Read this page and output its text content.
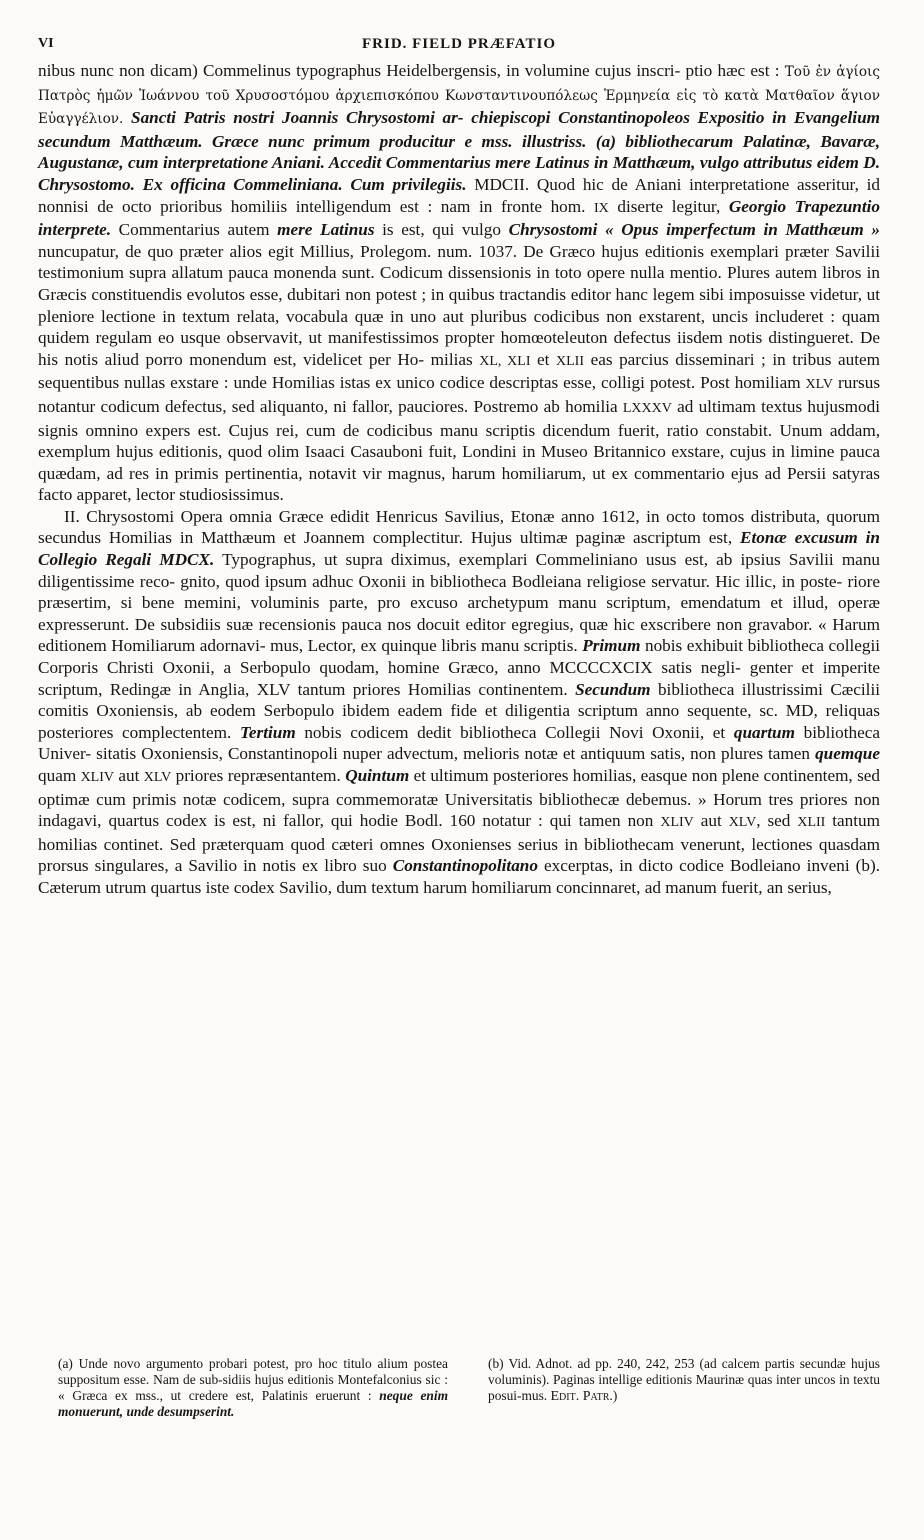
VI	FRID. FIELD PRÆFATIO

nibus nunc non dicam) Commelinus typographus Heidelbergensis, in volumine cujus inscri- ptio hæc est : Τοῦ ἐν ἁγίοις Πατρὸς ἡμῶν Ἰωάννου τοῦ Χρυσοστόμου ἀρχιεπισκόπου Κωνσταντινουπόλεως Ἑρμηνεία εἰς τὸ κατὰ Ματθαῖον ἅγιον Εὐαγγέλιον. Sancti Patris nostri Joannis Chrysostomi ar- chiepiscopi Constantinopoleos Expositio in Evangelium secundum Matthæum. Græce nunc primum producitur e mss. illustriss. (a) bibliothecarum Palatinæ, Bavaræ, Augustanæ, cum interpretatione Aniani. Accedit Commentarius mere Latinus in Matthæum, vulgo attributus eidem D. Chrysostomo. Ex officina Commeliniana. Cum privilegiis. MDCII. Quod hic de Aniani interpretatione asseritur, id nonnisi de octo prioribus homiliis intelligendum est : nam in fronte hom. IX diserte legitur, Georgio Trapezuntio interprete. Commentarius autem mere Latinus is est, qui vulgo Chrysostomi « Opus imperfectum in Matthæum » nuncupatur, de quo præter alios egit Millius, Prolegom. num. 1037. De Græco hujus editionis exemplari præter Savilii testimonium supra allatum pauca monenda sunt. Codicum dissensionis in toto opere nulla mentio. Plures autem libros in Græcis constituendis evolutos esse, dubitari non potest ; in quibus tractandis editor hanc legem sibi imposuisse videtur, ut pleniore lectione in textum relata, vocabula quæ in uno aut pluribus codicibus non exstarent, uncis includeret : quam quidem regulam eo usque observavit, ut manifestissimos propter homœoteleuton defectus iisdem notis distingueret. De his notis aliud porro monendum est, videlicet per Ho- milias XL, XLI et XLII eas parcius disseminari ; in tribus autem sequentibus nullas exstare : unde Homilias istas ex unico codice descriptas esse, colligi potest. Post homiliam XLV rursus notantur codicum defectus, sed aliquanto, ni fallor, pauciores. Postremo ab homilia LXXXV ad ultimam textus hujusmodi signis omnino expers est. Cujus rei, cum de codicibus manu scriptis dicendum fuerit, ratio constabit. Unum addam, exemplum hujus editionis, quod olim Isaaci Casauboni fuit, Londini in Museo Britannico exstare, cujus in limine pauca quædam, ad res in primis pertinentia, notavit vir magnus, harum homiliarum, ut ex commentario ejus ad Persii satyras facto apparet, lector studiosissimus.

II. Chrysostomi Opera omnia Græce edidit Henricus Savilius, Etonæ anno 1612, in octo tomos distributa, quorum secundus Homilias in Matthæum et Joannem complectitur. Hujus ultimæ paginæ ascriptum est, Etonæ excusum in Collegio Regali MDCX. Typographus, ut supra diximus, exemplari Commeliniano usus est, ab ipsius Savilii manu diligentissime reco- gnito, quod ipsum adhuc Oxonii in bibliotheca Bodleiana religiose servatur. Hic illic, in poste- riore præsertim, si bene memini, voluminis parte, pro excuso archetypum manu scriptum, emendatum et illud, operæ expresserunt. De subsidiis suæ recensionis pauca nos docuit editor egregius, quæ hic exscribere non gravabor. « Harum editionem Homiliarum adornavi- mus, Lector, ex quinque libris manu scriptis. Primum nobis exhibuit bibliotheca collegii Corporis Christi Oxonii, a Serbopulo quodam, homine Græco, anno MCCCCXCIX satis negli- genter et imperite scriptum, Redingæ in Anglia, XLV tantum priores Homilias continentem. Secundum bibliotheca illustrissimi Cæcilii comitis Oxoniensis, ab eodem Serbopulo ibidem eadem fide et diligentia scriptum anno sequente, sc. MD, reliquas posteriores complectentem. Tertium nobis codicem dedit bibliotheca Collegii Novi Oxonii, et quartum bibliotheca Univer- sitatis Oxoniensis, Constantinopoli nuper advectum, melioris notæ et antiquum satis, non plures tamen quemque quam XLIV aut XLV priores repræsentantem. Quintum et ultimum posteriores homilias, easque non plene continentem, sed optimæ cum primis notæ codicem, supra commemoratæ Universitatis bibliothecæ debemus. » Horum tres priores non indagavi, quartus codex is est, ni fallor, qui hodie Bodl. 160 notatur : qui tamen non XLIV aut XLV, sed XLII tantum homilias continet. Sed præterquam quod cæteri omnes Oxonienses serius in bibliothecam venerunt, lectiones quasdam prorsus singulares, a Savilio in notis ex libro suo Constantinopolitano excerptas, in dicto codice Bodleiano inveni (b). Cæterum utrum quartus iste codex Savilio, dum textum harum homiliarum concinnaret, ad manum fuerit, an serius,

(a) Unde novo argumento probari potest, pro hoc titulo alium postea suppositum esse. Nam de sub-sidiis hujus editionis Montefalconius sic : « Græca ex mss., ut credere est, Palatinis eruerunt : neque enim monuerunt, unde desumpserint.
(b) Vid. Adnot. ad pp. 240, 242, 253 (ad calcem partis secundæ hujus voluminis). Paginas intellige editionis Maurinæ quas inter uncos in textu posui-mus. Edit. Patr.)
